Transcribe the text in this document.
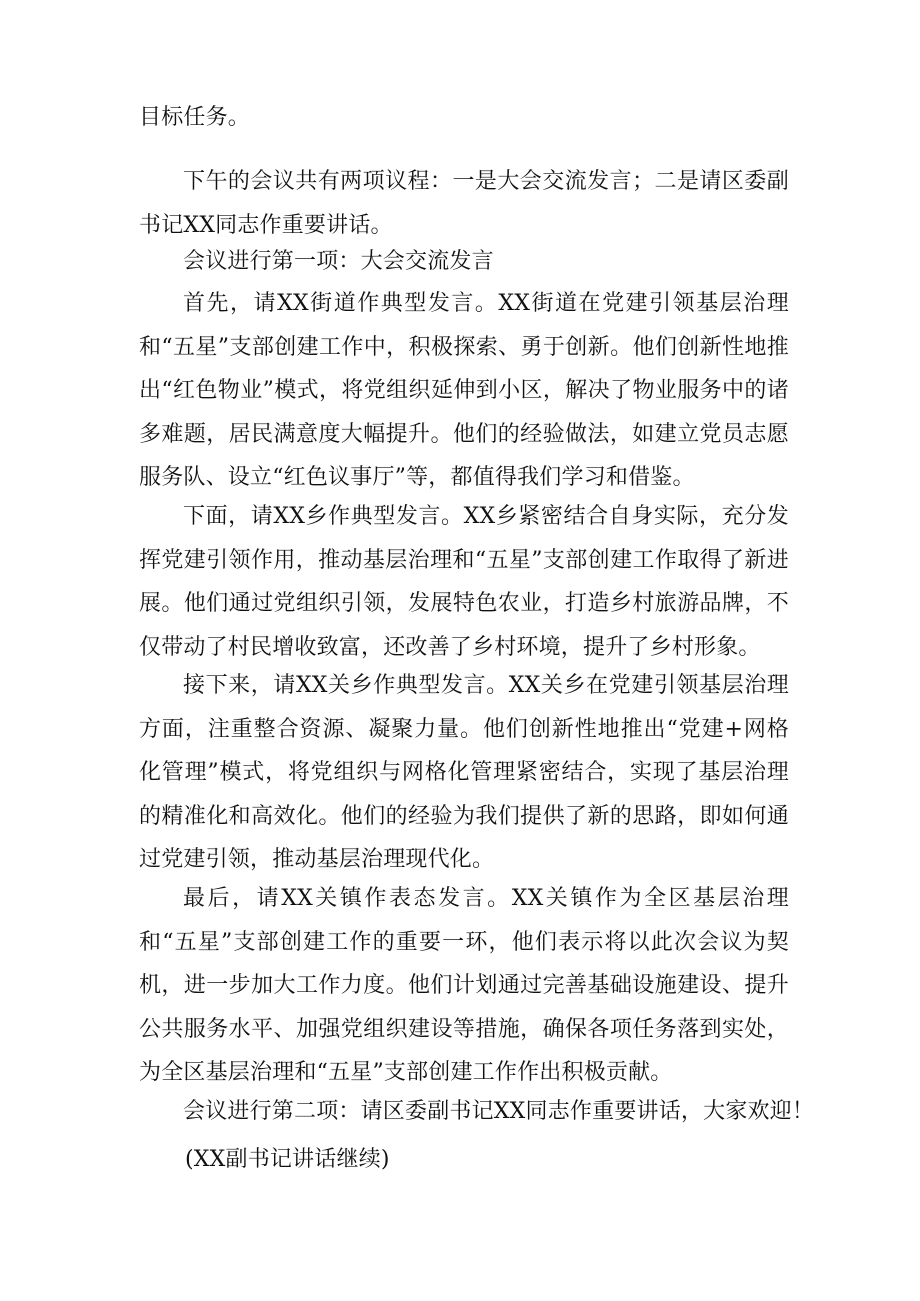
目标任务。

下午的会议共有两项议程：一是大会交流发言；二是请区委副书记XX同志作重要讲话。

会议进行第一项：大会交流发言

首先，请XX街道作典型发言。XX街道在党建引领基层治理和“五星”支部创建工作中，积极探索、勇于创新。他们创新性地推出“红色物业”模式，将党组织延伸到小区，解决了物业服务中的诸多难题，居民满意度大幅提升。他们的经验做法，如建立党员志愿服务队、设立“红色议事厅”等，都值得我们学习和借鉴。

下面，请XX乡作典型发言。XX乡紧密结合自身实际，充分发挥党建引领作用，推动基层治理和“五星”支部创建工作取得了新进展。他们通过党组织引领，发展特色农业，打造乡村旅游品牌，不仅带动了村民增收致富，还改善了乡村环境，提升了乡村形象。

接下来，请XX关乡作典型发言。XX关乡在党建引领基层治理方面，注重整合资源、凝聚力量。他们创新性地推出“党建+网格化管理”模式，将党组织与网格化管理紧密结合，实现了基层治理的精准化和高效化。他们的经验为我们提供了新的思路，即如何通过党建引领，推动基层治理现代化。

最后，请XX关镇作表态发言。XX关镇作为全区基层治理和“五星”支部创建工作的重要一环，他们表示将以此次会议为契机，进一步加大工作力度。他们计划通过完善基础设施建设、提升公共服务水平、加强党组织建设等措施，确保各项任务落到实处，为全区基层治理和“五星”支部创建工作作出积极贡献。

会议进行第二项：请区委副书记XX同志作重要讲话，大家欢迎！

(XX副书记讲话继续)
